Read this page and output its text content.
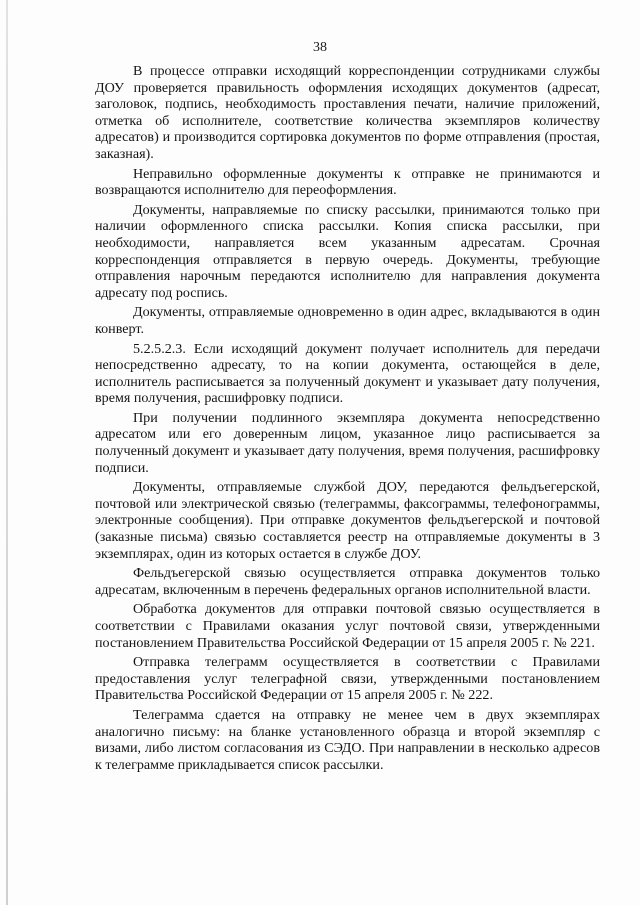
38

В процессе отправки исходящий корреспонденции сотрудниками службы ДОУ проверяется правильность оформления исходящих документов (адресат, заголовок, подпись, необходимость проставления печати, наличие приложений, отметка об исполнителе, соответствие количества экземпляров количеству адресатов) и производится сортировка документов по форме отправления (простая, заказная).

Неправильно оформленные документы к отправке не принимаются и возвращаются исполнителю для переоформления.

Документы, направляемые по списку рассылки, принимаются только при наличии оформленного списка рассылки. Копия списка рассылки, при необходимости, направляется всем указанным адресатам. Срочная корреспонденция отправляется в первую очередь. Документы, требующие отправления нарочным передаются исполнителю для направления документа адресату под роспись.

Документы, отправляемые одновременно в один адрес, вкладываются в один конверт.

5.2.5.2.3. Если исходящий документ получает исполнитель для передачи непосредственно адресату, то на копии документа, остающейся в деле, исполнитель расписывается за полученный документ и указывает дату получения, время получения, расшифровку подписи.

При получении подлинного экземпляра документа непосредственно адресатом или его доверенным лицом, указанное лицо расписывается за полученный документ и указывает дату получения, время получения, расшифровку подписи.

Документы, отправляемые службой ДОУ, передаются фельдъегерской, почтовой или электрической связью (телеграммы, факсограммы, телефонограммы, электронные сообщения). При отправке документов фельдъегерской и почтовой (заказные письма) связью составляется реестр на отправляемые документы в 3 экземплярах, один из которых остается в службе ДОУ.

Фельдъегерской связью осуществляется отправка документов только адресатам, включенным в перечень федеральных органов исполнительной власти.

Обработка документов для отправки почтовой связью осуществляется в соответствии с Правилами оказания услуг почтовой связи, утвержденными постановлением Правительства Российской Федерации от 15 апреля 2005 г. № 221.

Отправка телеграмм осуществляется в соответствии с Правилами предоставления услуг телеграфной связи, утвержденными постановлением Правительства Российской Федерации от 15 апреля 2005 г. № 222.

Телеграмма сдается на отправку не менее чем в двух экземплярах аналогично письму: на бланке установленного образца и второй экземпляр с визами, либо листом согласования из СЭДО. При направлении в несколько адресов к телеграмме прикладывается список рассылки.
